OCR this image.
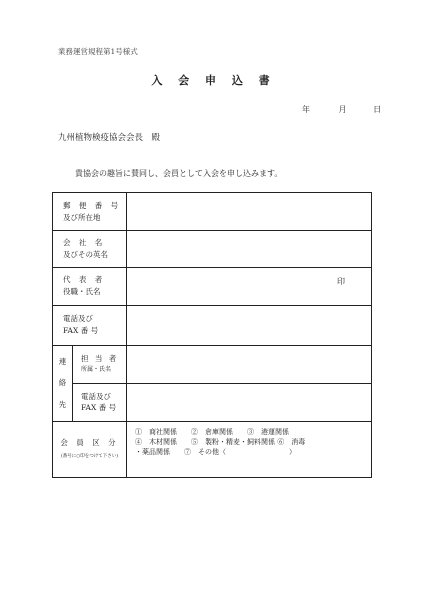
業務運営規程第1号様式
入 会 申 込 書
年	月	日
九州植物検疫協会会長　殿
貴協会の趣旨に賛同し、会員として入会を申し込みます。
郵 便 番 号
及び所在地
会 社 名
及びその英名
代 表 者
役職・氏名
印
電話及び
FAX 番 号
連
絡
先
担 当 者
所属・氏名
電話及び
FAX 番 号
会 員 区 分
(番号に○印をつけて下さい)
①　商社関係　　②　倉庫関係　　③　港運関係
④　木材関係　　⑤　製粉・精麦・飼料関係 ⑥　消毒
・薬品関係　　⑦　その他（　　　　　　　　　）
